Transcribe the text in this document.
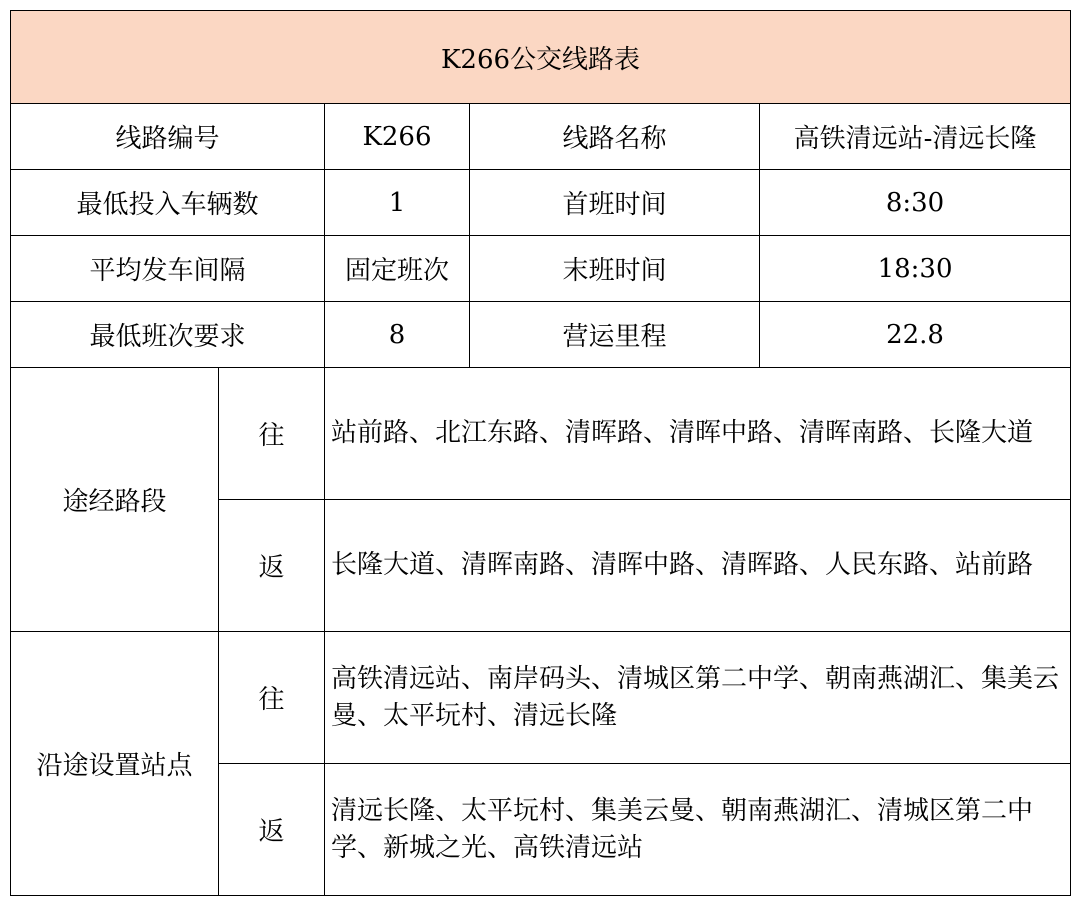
K266公交线路表				
线路编号		K266	线路名称	高铁清远站-清远长隆
最低投入车辆数		1	首班时间	8:30
平均发车间隔		固定班次	末班时间	18:30
最低班次要求		8	营运里程	22.8
途经路段	往	站前路、北江东路、清晖路、清晖中路、清晖南路、长隆大道		
	返	长隆大道、清晖南路、清晖中路、清晖路、人民东路、站前路		
沿途设置站点	往	高铁清远站、南岸码头、清城区第二中学、朝南燕湖汇、集美云曼、太平坃村、清远长隆		
	返	清远长隆、太平坃村、集美云曼、朝南燕湖汇、清城区第二中学、新城之光、高铁清远站		
